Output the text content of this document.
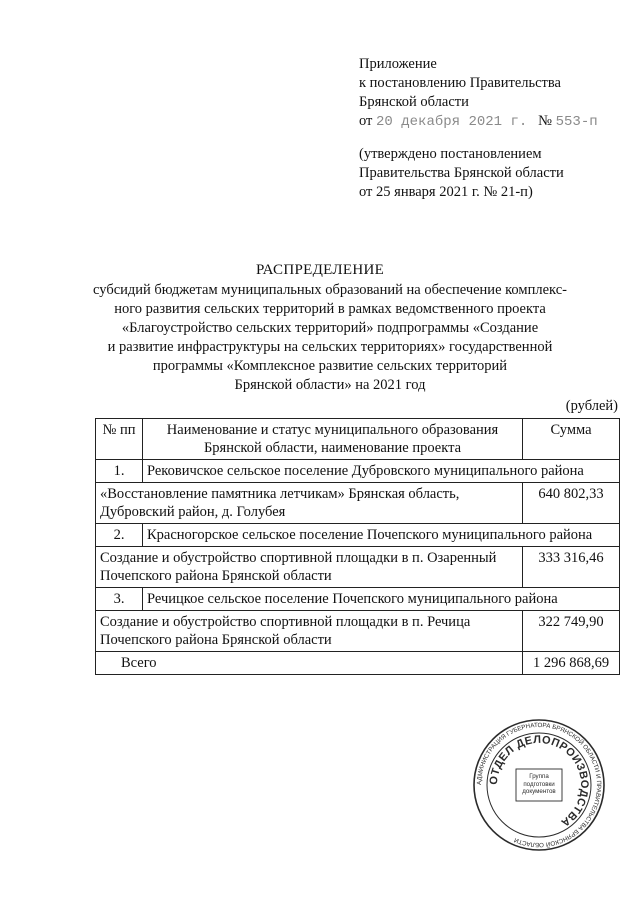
Приложение
к постановлению Правительства
Брянской области
от 20 декабря 2021 г. № 553-п
(утверждено постановлением
Правительства Брянской области
от 25 января 2021 г. № 21-п)
РАСПРЕДЕЛЕНИЕ
субсидий бюджетам муниципальных образований на обеспечение комплекс-
ного развития сельских территорий в рамках ведомственного проекта
«Благоустройство сельских территорий» подпрограммы «Создание
и развитие инфраструктуры на сельских территориях» государственной
программы «Комплексное развитие сельских территорий
Брянской области» на 2021 год
(рублей)
№ пп	Наименование и статус муниципального образования Брянской области, наименование проекта	Сумма
1.	Рековичское сельское поселение Дубровского муниципального района	
«Восстановление памятника летчикам» Брянская область, Дубровский район, д. Голубея		640 802,33
2.	Красногорское сельское поселение Почепского муниципального района	
Создание и обустройство спортивной площадки в п. Озаренный Почепского района Брянской области		333 316,46
3.	Речицкое сельское поселение Почепского муниципального района	
Создание и обустройство спортивной площадки в п. Речица Почепского района Брянской области		322 749,90
Всего		1 296 868,69
АДМИНИСТРАЦИЯ ГУБЕРНАТОРА БРЯНСКОЙ ОБЛАСТИ И ПРАВИТЕЛЬСТВА БРЯНСКОЙ ОБЛАСТИ
ОТДЕЛ ДЕЛОПРОИЗВОДСТВА
Группа подготовки документов
